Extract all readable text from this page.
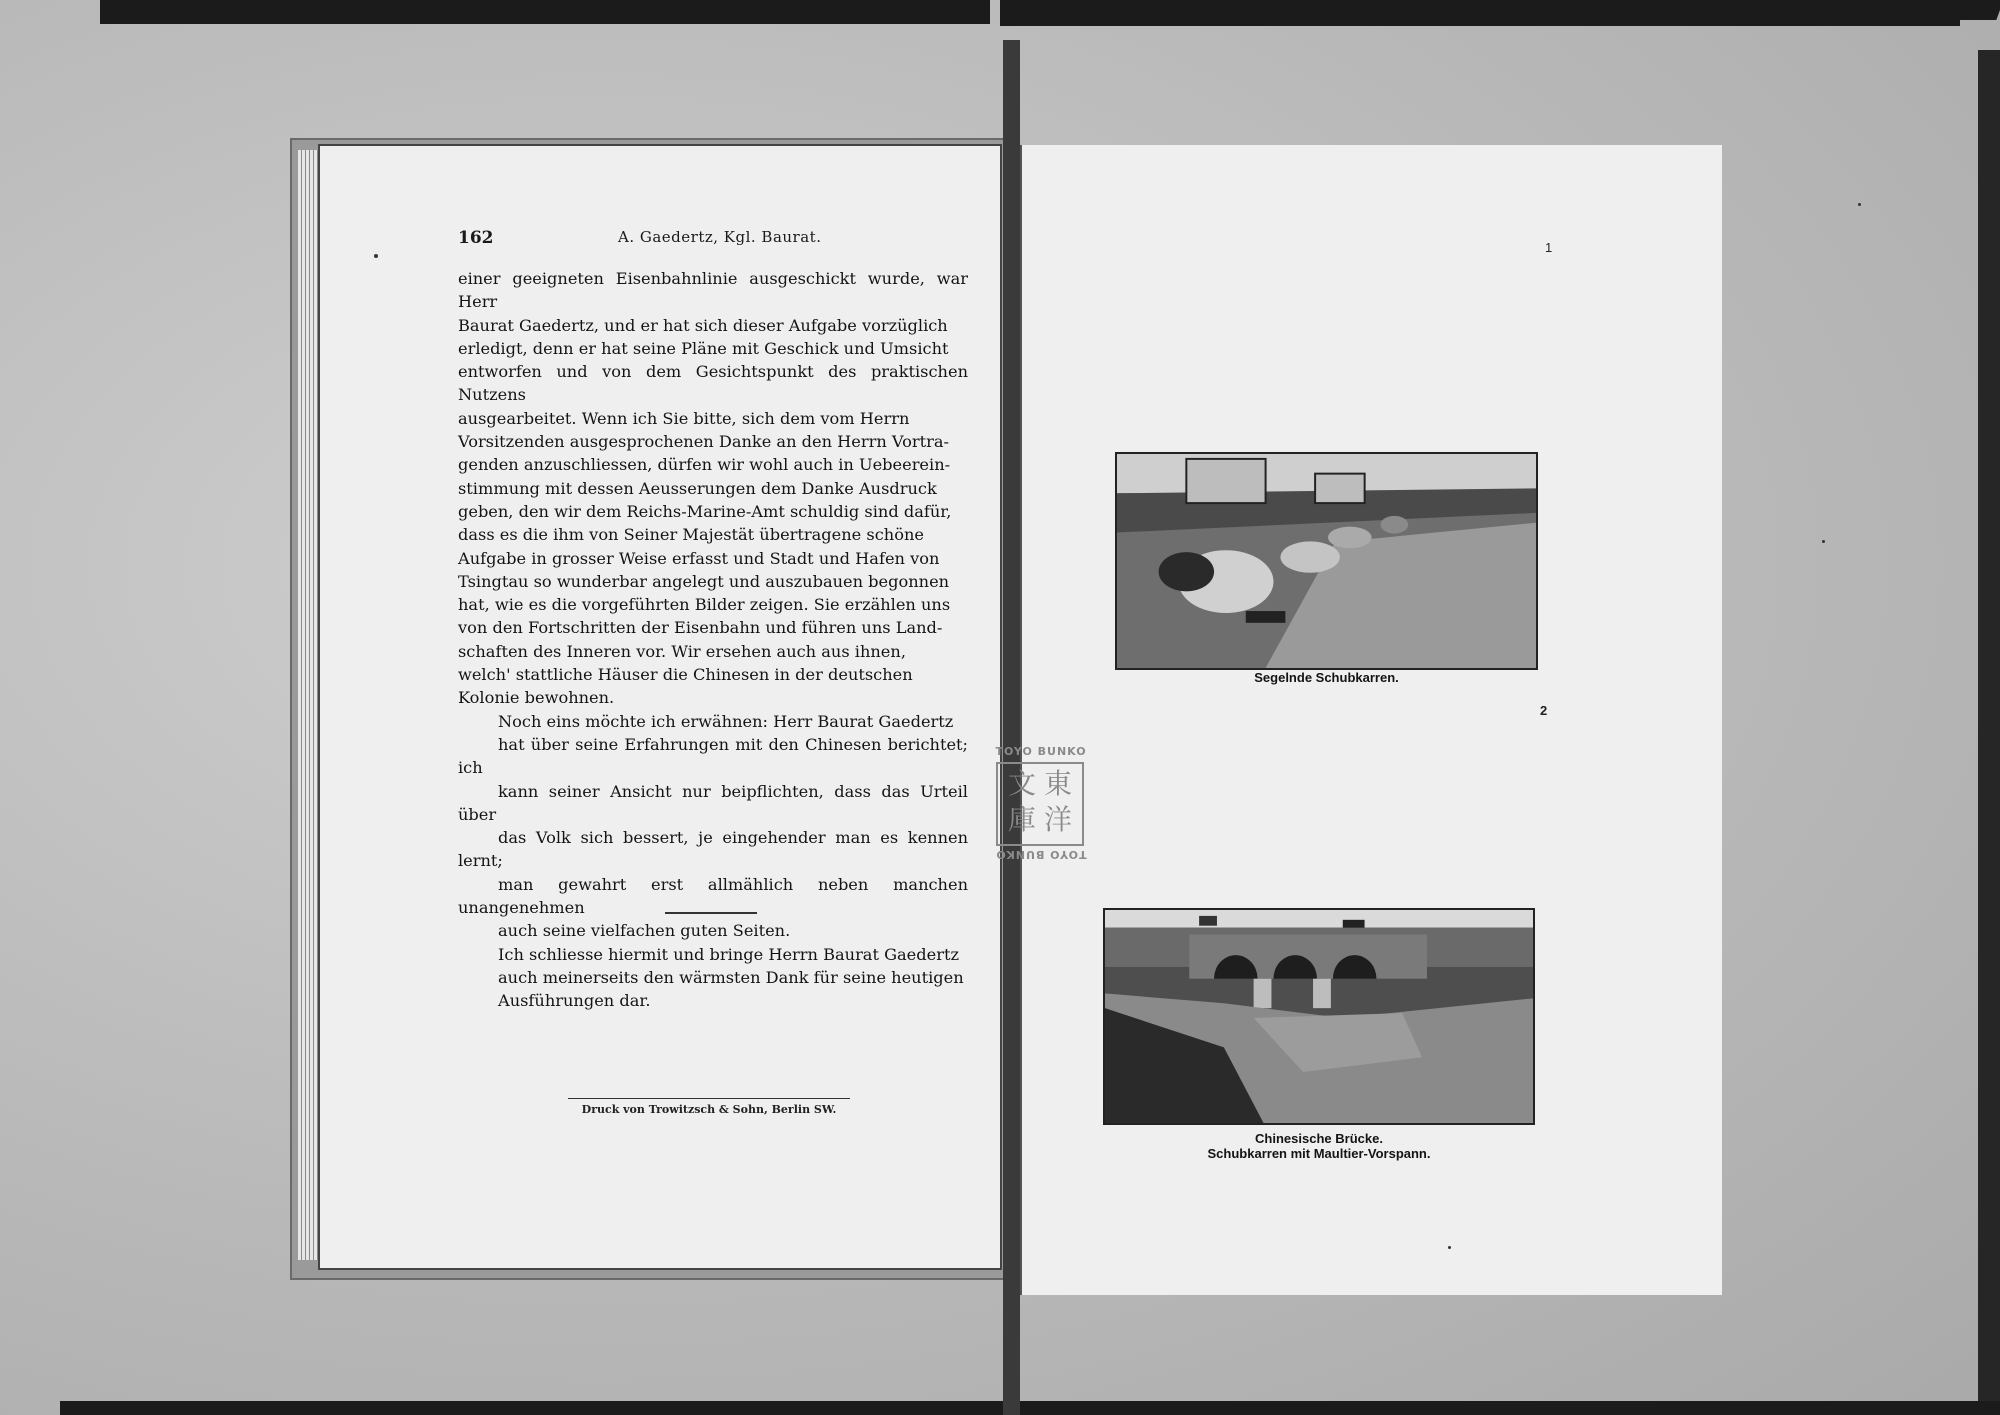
162	A. Gaedertz, Kgl. Baurat.

einer geeigneten Eisenbahnlinie ausgeschickt wurde, war Herr
Baurat Gaedertz, und er hat sich dieser Aufgabe vorzüglich
erledigt, denn er hat seine Pläne mit Geschick und Umsicht
entworfen und von dem Gesichtspunkt des praktischen Nutzens
ausgearbeitet. Wenn ich Sie bitte, sich dem vom Herrn
Vorsitzenden ausgesprochenen Danke an den Herrn Vortra-
genden anzuschliessen, dürfen wir wohl auch in Uebeerein-
stimmung mit dessen Aeusserungen dem Danke Ausdruck
geben, den wir dem Reichs-Marine-Amt schuldig sind dafür,
dass es die ihm von Seiner Majestät übertragene schöne
Aufgabe in grosser Weise erfasst und Stadt und Hafen von
Tsingtau so wunderbar angelegt und auszubauen begonnen
hat, wie es die vorgeführten Bilder zeigen. Sie erzählen uns
von den Fortschritten der Eisenbahn und führen uns Land-
schaften des Inneren vor. Wir ersehen auch aus ihnen,
welch' stattliche Häuser die Chinesen in der deutschen
Kolonie bewohnen.

Noch eins möchte ich erwähnen: Herr Baurat Gaedertz
hat über seine Erfahrungen mit den Chinesen berichtet; ich
kann seiner Ansicht nur beipflichten, dass das Urteil über
das Volk sich bessert, je eingehender man es kennen lernt;
man gewahrt erst allmählich neben manchen unangenehmen
auch seine vielfachen guten Seiten.

Ich schliesse hiermit und bringe Herrn Baurat Gaedertz
auch meinerseits den wärmsten Dank für seine heutigen
Ausführungen dar.

Druck von Trowitzsch & Sohn, Berlin SW.
TOYO BUNKO
東
洋
文
庫
TOYO BUNKO
1
Segelnde Schubkarren.
2
Chinesische Brücke.
Schubkarren mit Maultier-Vorspann.
